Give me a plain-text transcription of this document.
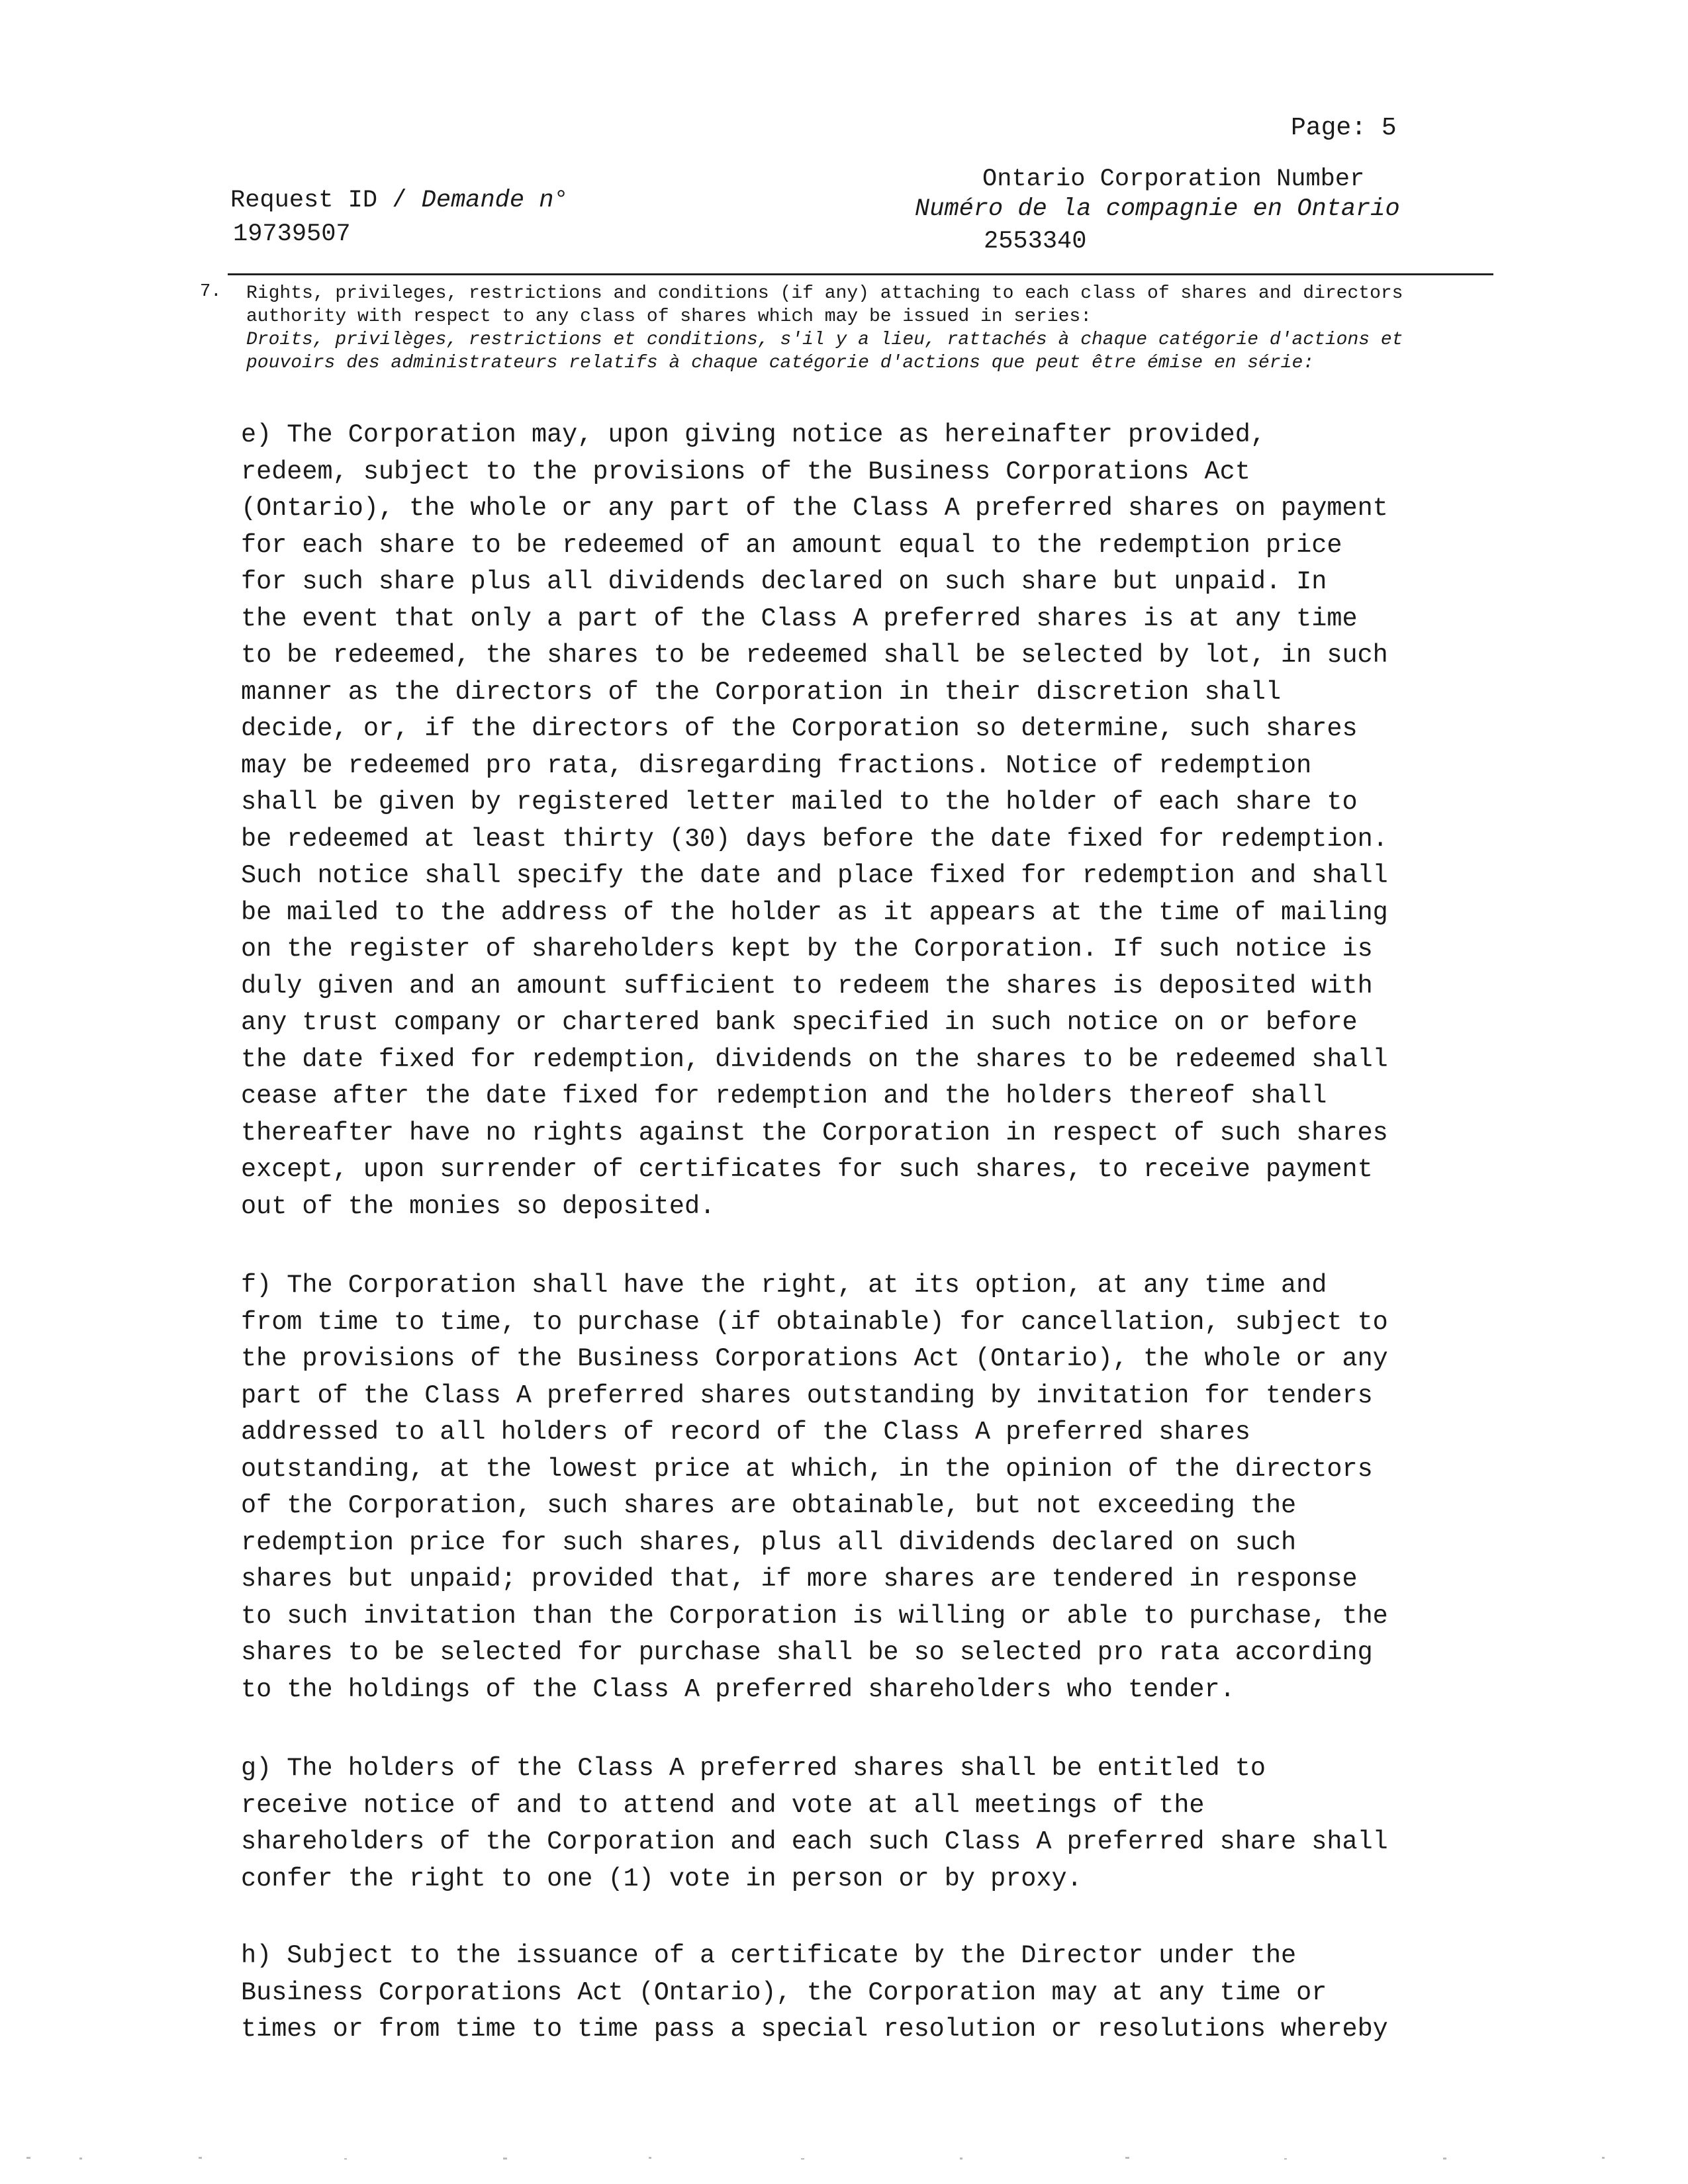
Page: 5
Request ID / Demande n°
19739507
Ontario Corporation Number
Numéro de la compagnie en Ontario
2553340
7. Rights, privileges, restrictions and conditions (if any) attaching to each class of shares and directors authority with respect to any class of shares which may be issued in series:
Droits, privilèges, restrictions et conditions, s'il y a lieu, rattachés à chaque catégorie d'actions et pouvoirs des administrateurs relatifs à chaque catégorie d'actions que peut être émise en série:
e) The Corporation may, upon giving notice as hereinafter provided,
redeem, subject to the provisions of the Business Corporations Act
(Ontario), the whole or any part of the Class A preferred shares on payment
for each share to be redeemed of an amount equal to the redemption price
for such share plus all dividends declared on such share but unpaid. In
the event that only a part of the Class A preferred shares is at any time
to be redeemed, the shares to be redeemed shall be selected by lot, in such
manner as the directors of the Corporation in their discretion shall
decide, or, if the directors of the Corporation so determine, such shares
may be redeemed pro rata, disregarding fractions. Notice of redemption
shall be given by registered letter mailed to the holder of each share to
be redeemed at least thirty (30) days before the date fixed for redemption.
Such notice shall specify the date and place fixed for redemption and shall
be mailed to the address of the holder as it appears at the time of mailing
on the register of shareholders kept by the Corporation. If such notice is
duly given and an amount sufficient to redeem the shares is deposited with
any trust company or chartered bank specified in such notice on or before
the date fixed for redemption, dividends on the shares to be redeemed shall
cease after the date fixed for redemption and the holders thereof shall
thereafter have no rights against the Corporation in respect of such shares
except, upon surrender of certificates for such shares, to receive payment
out of the monies so deposited.
f) The Corporation shall have the right, at its option, at any time and
from time to time, to purchase (if obtainable) for cancellation, subject to
the provisions of the Business Corporations Act (Ontario), the whole or any
part of the Class A preferred shares outstanding by invitation for tenders
addressed to all holders of record of the Class A preferred shares
outstanding, at the lowest price at which, in the opinion of the directors
of the Corporation, such shares are obtainable, but not exceeding the
redemption price for such shares, plus all dividends declared on such
shares but unpaid; provided that, if more shares are tendered in response
to such invitation than the Corporation is willing or able to purchase, the
shares to be selected for purchase shall be so selected pro rata according
to the holdings of the Class A preferred shareholders who tender.
g) The holders of the Class A preferred shares shall be entitled to
receive notice of and to attend and vote at all meetings of the
shareholders of the Corporation and each such Class A preferred share shall
confer the right to one (1) vote in person or by proxy.
h) Subject to the issuance of a certificate by the Director under the
Business Corporations Act (Ontario), the Corporation may at any time or
times or from time to time pass a special resolution or resolutions whereby
